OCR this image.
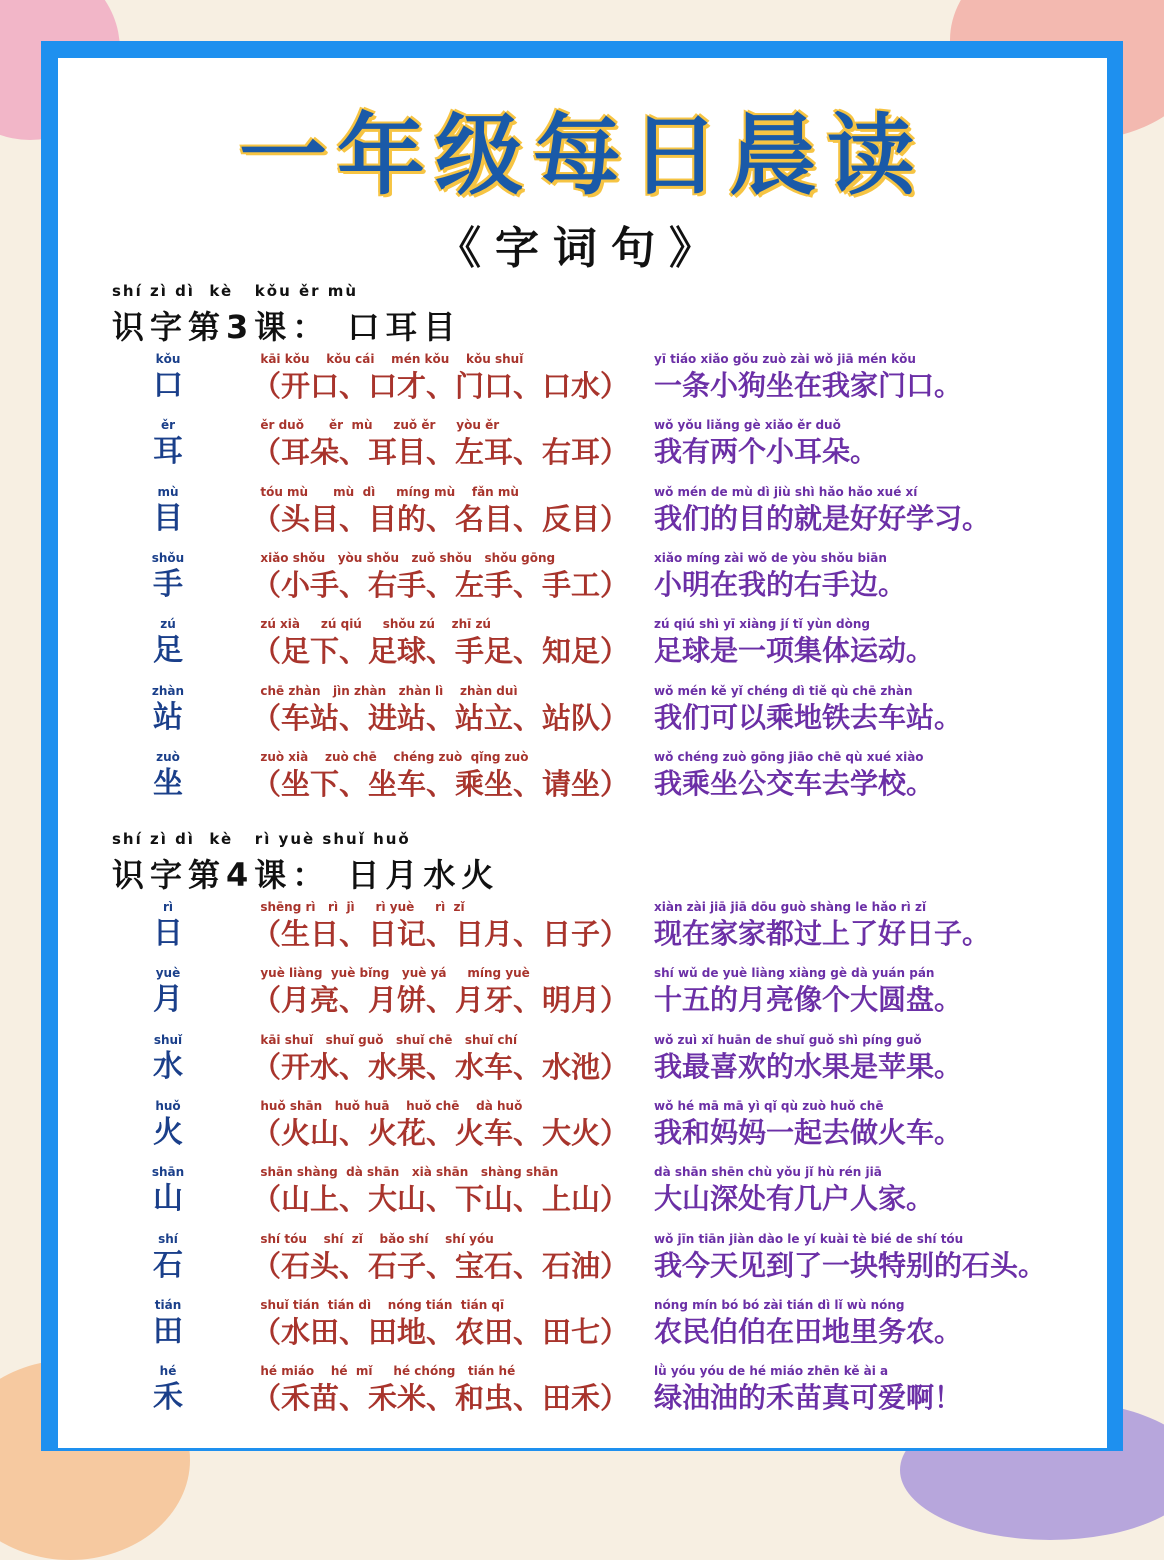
一年级每日晨读
《字词句》
shí zì dì  kè   kǒu ěr mù
识字第3课： 口耳目
kǒu
口
kāi kǒu    kǒu cái    mén kǒu    kǒu shuǐ
（开口、口才、门口、口水）
yī tiáo xiǎo gǒu zuò zài wǒ jiā mén kǒu
一条小狗坐在我家门口。
ěr
耳
ěr duǒ      ěr  mù     zuǒ ěr     yòu ěr
（耳朵、耳目、左耳、右耳）
wǒ yǒu liǎng gè xiǎo ěr duǒ
我有两个小耳朵。
mù
目
tóu mù      mù  dì     míng mù    fǎn mù
（头目、目的、名目、反目）
wǒ mén de mù dì jiù shì hǎo hǎo xué xí
我们的目的就是好好学习。
shǒu
手
xiǎo shǒu   yòu shǒu   zuǒ shǒu   shǒu gōng
（小手、右手、左手、手工）
xiǎo míng zài wǒ de yòu shǒu biān
小明在我的右手边。
zú
足
zú xià     zú qiú     shǒu zú    zhī zú
（足下、足球、手足、知足）
zú qiú shì yī xiàng jí tǐ yùn dòng
足球是一项集体运动。
zhàn
站
chē zhàn   jìn zhàn   zhàn lì    zhàn duì
（车站、进站、站立、站队）
wǒ mén kě yǐ chéng dì tiě qù chē zhàn
我们可以乘地铁去车站。
zuò
坐
zuò xià    zuò chē    chéng zuò  qǐng zuò
（坐下、坐车、乘坐、请坐）
wǒ chéng zuò gōng jiāo chē qù xué xiào
我乘坐公交车去学校。
shí zì dì  kè   rì yuè shuǐ huǒ
识字第4课： 日月水火
rì
日
shēng rì   rì  jì     rì yuè     rì  zǐ
（生日、日记、日月、日子）
xiàn zài jiā jiā dōu guò shàng le hǎo rì zǐ
现在家家都过上了好日子。
yuè
月
yuè liàng  yuè bǐng   yuè yá     míng yuè
（月亮、月饼、月牙、明月）
shí wǔ de yuè liàng xiàng gè dà yuán pán
十五的月亮像个大圆盘。
shuǐ
水
kāi shuǐ   shuǐ guǒ   shuǐ chē   shuǐ chí
（开水、水果、水车、水池）
wǒ zuì xǐ huān de shuǐ guǒ shì píng guǒ
我最喜欢的水果是苹果。
huǒ
火
huǒ shān   huǒ huā    huǒ chē    dà huǒ
（火山、火花、火车、大火）
wǒ hé mā mā yì qǐ qù zuò huǒ chē
我和妈妈一起去做火车。
shān
山
shān shàng  dà shān   xià shān   shàng shān
（山上、大山、下山、上山）
dà shān shēn chù yǒu jǐ hù rén jiā
大山深处有几户人家。
shí
石
shí tóu    shí  zǐ    bǎo shí    shí yóu
（石头、石子、宝石、石油）
wǒ jīn tiān jiàn dào le yí kuài tè bié de shí tóu
我今天见到了一块特别的石头。
tián
田
shuǐ tián  tián dì    nóng tián  tián qī
（水田、田地、农田、田七）
nóng mín bó bó zài tián dì lǐ wù nóng
农民伯伯在田地里务农。
hé
禾
hé miáo    hé  mǐ     hé chóng   tián hé
（禾苗、禾米、和虫、田禾）
lǜ yóu yóu de hé miáo zhēn kě ài a
绿油油的禾苗真可爱啊！
